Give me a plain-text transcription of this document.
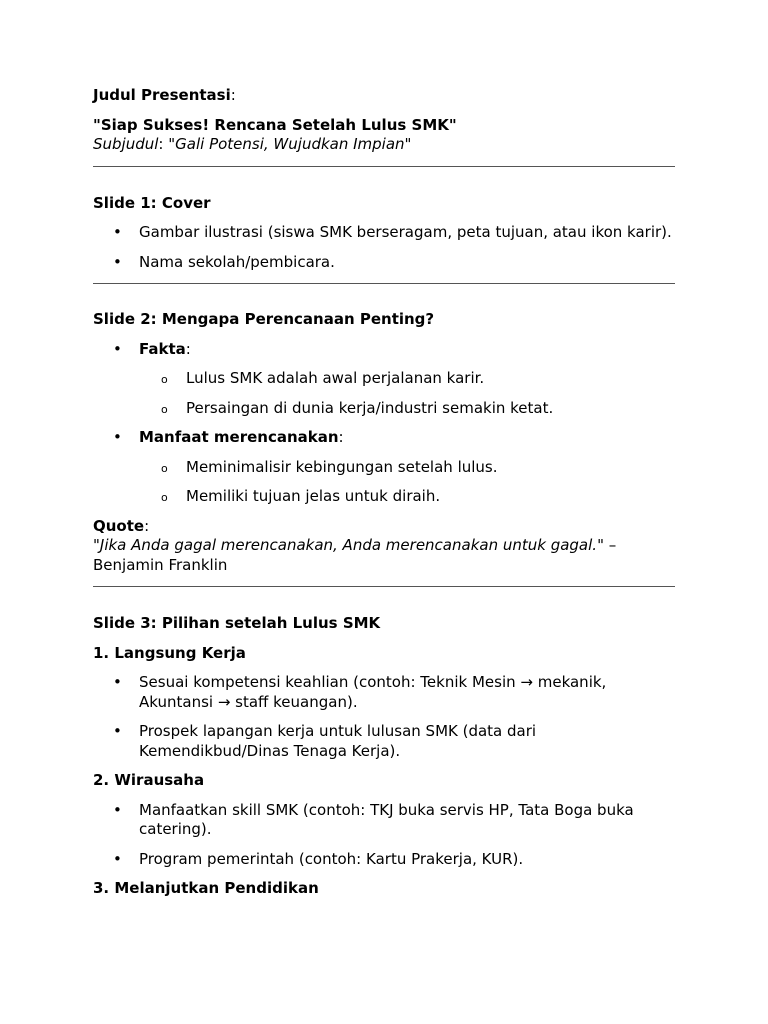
Judul Presentasi:

"Siap Sukses! Rencana Setelah Lulus SMK"

Subjudul: "Gali Potensi, Wujudkan Impian"

Slide 1: Cover

• Gambar ilustrasi (siswa SMK berseragam, peta tujuan, atau ikon karir).
• Nama sekolah/pembicara.

Slide 2: Mengapa Perencanaan Penting?

• Fakta:
o Lulus SMK adalah awal perjalanan karir.
o Persaingan di dunia kerja/industri semakin ketat.
• Manfaat merencanakan:
o Meminimalisir kebingungan setelah lulus.
o Memiliki tujuan jelas untuk diraih.

Quote:

"Jika Anda gagal merencanakan, Anda merencanakan untuk gagal." –
Benjamin Franklin

Slide 3: Pilihan setelah Lulus SMK

1. Langsung Kerja

• Sesuai kompetensi keahlian (contoh: Teknik Mesin → mekanik, Akuntansi → staff keuangan).
• Prospek lapangan kerja untuk lulusan SMK (data dari Kemendikbud/Dinas Tenaga Kerja).

2. Wirausaha

• Manfaatkan skill SMK (contoh: TKJ buka servis HP, Tata Boga buka catering).
• Program pemerintah (contoh: Kartu Prakerja, KUR).

3. Melanjutkan Pendidikan
